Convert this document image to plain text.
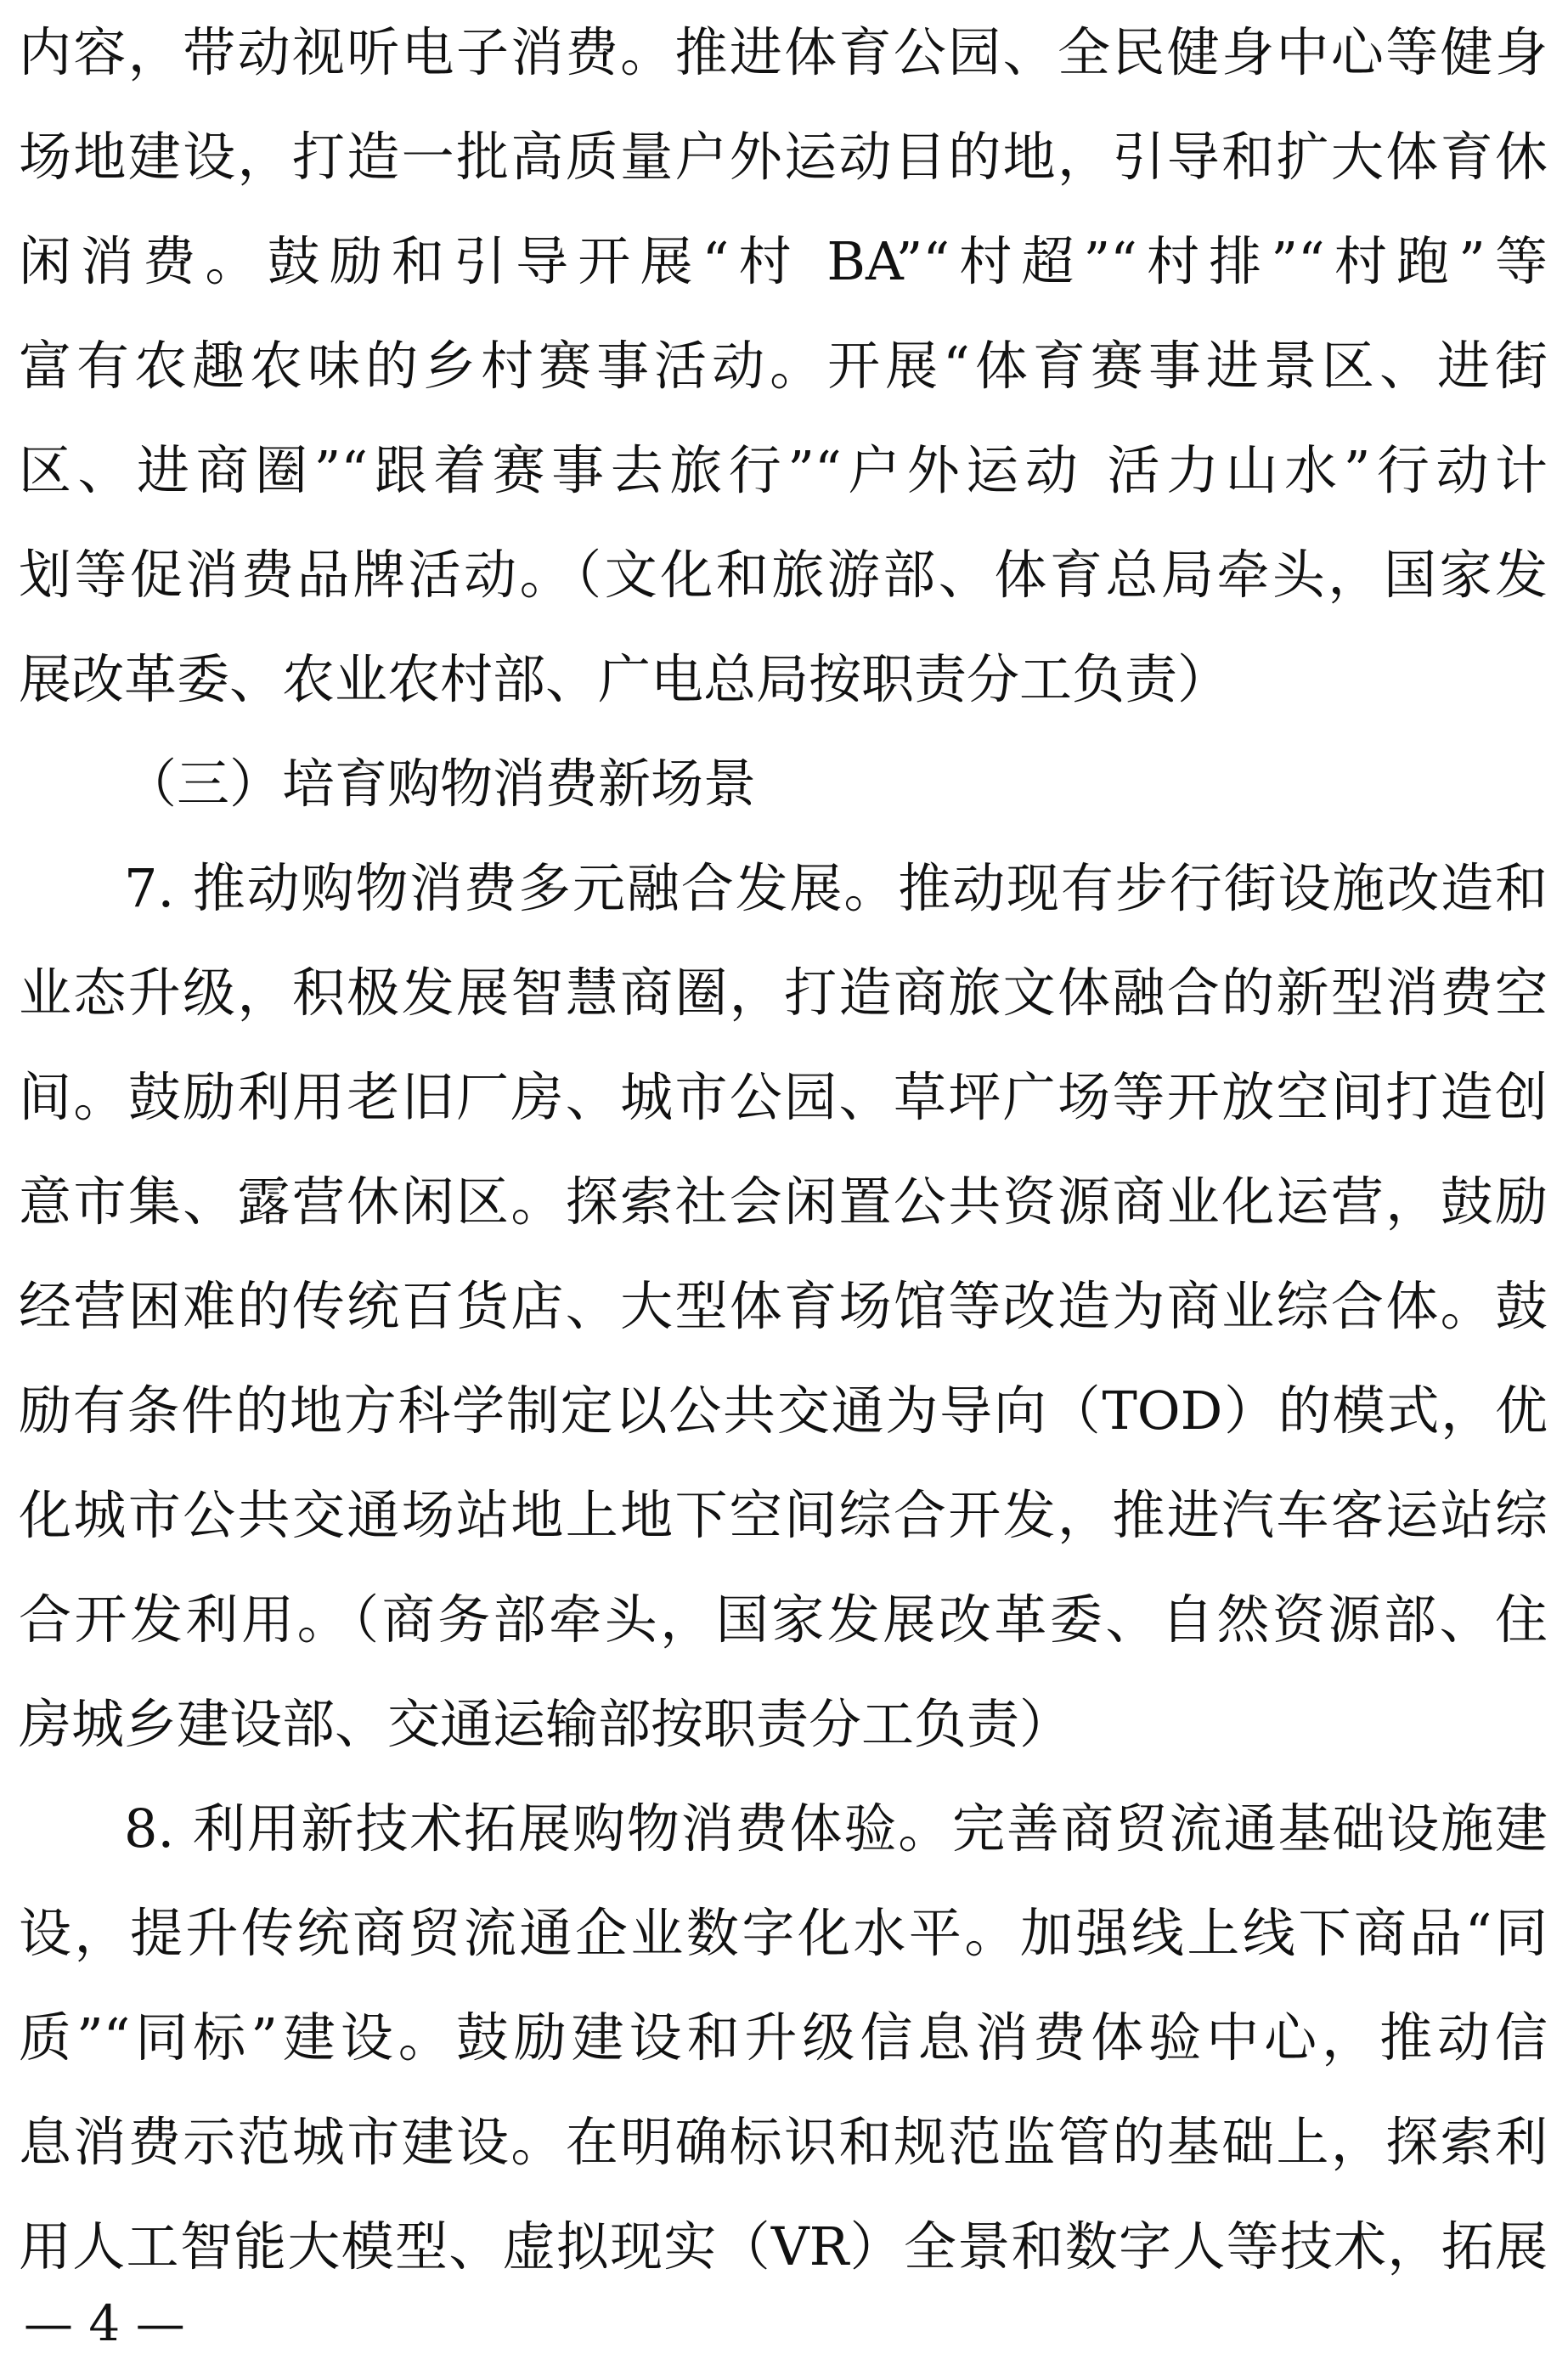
内容，带动视听电子消费。推进体育公园、全民健身中心等健身
场地建设，打造一批高质量户外运动目的地，引导和扩大体育休
闲消费。鼓励和引导开展“村 BA”“村超”“村排”“村跑”等
富有农趣农味的乡村赛事活动。开展“体育赛事进景区、进街
区、进商圈”“跟着赛事去旅行”“户外运动 活力山水”行动计
划等促消费品牌活动。（文化和旅游部、体育总局牵头，国家发
展改革委、农业农村部、广电总局按职责分工负责）
（三）培育购物消费新场景
7. 推动购物消费多元融合发展。推动现有步行街设施改造和
业态升级，积极发展智慧商圈，打造商旅文体融合的新型消费空
间。鼓励利用老旧厂房、城市公园、草坪广场等开放空间打造创
意市集、露营休闲区。探索社会闲置公共资源商业化运营，鼓励
经营困难的传统百货店、大型体育场馆等改造为商业综合体。鼓
励有条件的地方科学制定以公共交通为导向（TOD）的模式，优
化城市公共交通场站地上地下空间综合开发，推进汽车客运站综
合开发利用。（商务部牵头，国家发展改革委、自然资源部、住
房城乡建设部、交通运输部按职责分工负责）
8. 利用新技术拓展购物消费体验。完善商贸流通基础设施建
设，提升传统商贸流通企业数字化水平。加强线上线下商品“同
质”“同标”建设。鼓励建设和升级信息消费体验中心，推动信
息消费示范城市建设。在明确标识和规范监管的基础上，探索利
用人工智能大模型、虚拟现实（VR）全景和数字人等技术，拓展
— 4 —
